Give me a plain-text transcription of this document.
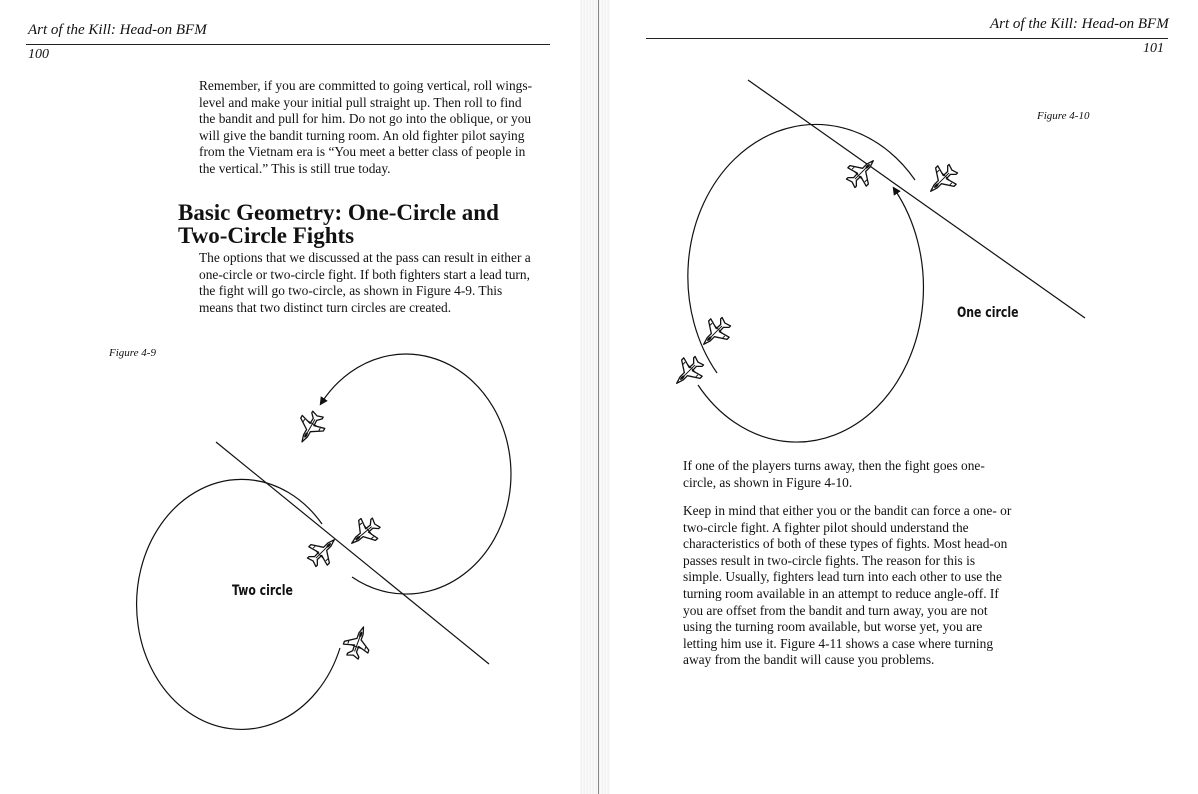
Art of the Kill: Head-on BFM
100

Remember, if you are committed to going vertical, roll wings-level and make your initial pull straight up. Then roll to find the bandit and pull for him. Do not go into the oblique, or you will give the bandit turning room. An old fighter pilot saying from the Vietnam era is “You meet a better class of people in the vertical.” This is still true today.

Basic Geometry: One-Circle and Two-Circle Fights

The options that we discussed at the pass can result in either a one-circle or two-circle fight. If both fighters start a lead turn, the fight will go two-circle, as shown in Figure 4-9. This means that two distinct turn circles are created.

Figure 4-9
Two circle
Art of the Kill: Head-on BFM
101
Figure 4-10
One circle

If one of the players turns away, then the fight goes one-circle, as shown in Figure 4-10.

Keep in mind that either you or the bandit can force a one- or two-circle fight. A fighter pilot should understand the characteristics of both of these types of fights. Most head-on passes result in two-circle fights. The reason for this is simple. Usually, fighters lead turn into each other to use the turning room available in an attempt to reduce angle-off. If you are offset from the bandit and turn away, you are not using the turning room available, but worse yet, you are letting him use it. Figure 4-11 shows a case where turning away from the bandit will cause you problems.
